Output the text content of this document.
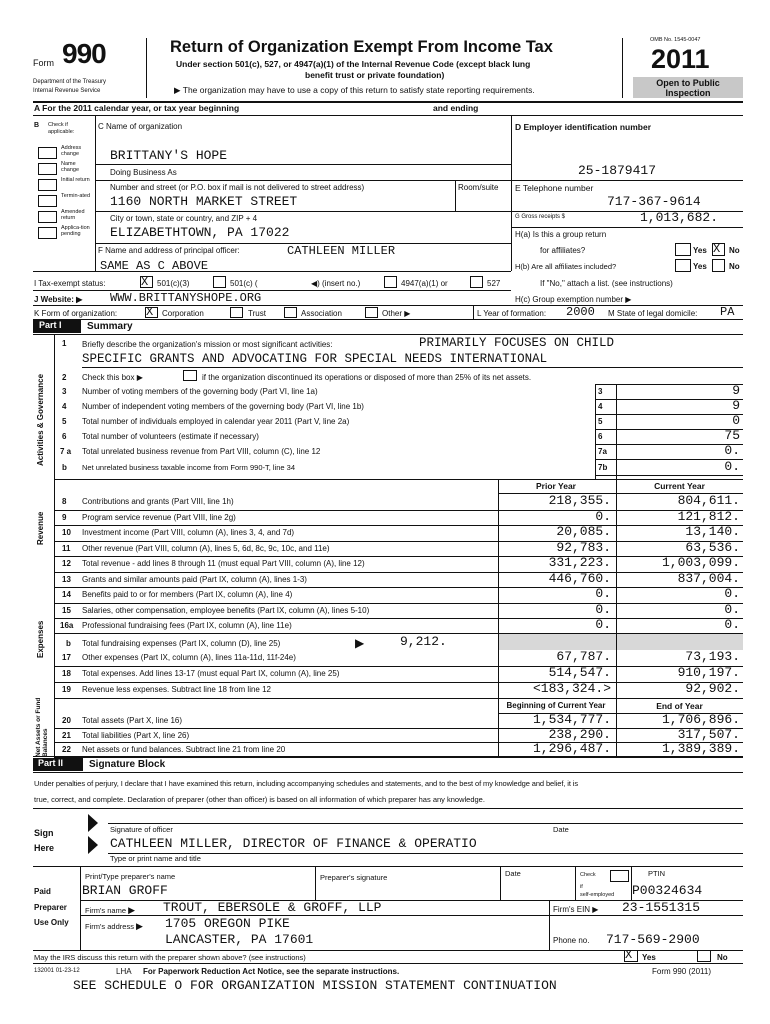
Form 990
Department of the Treasury
Internal Revenue Service
Return of Organization Exempt From Income Tax
Under section 501(c), 527, or 4947(a)(1) of the Internal Revenue Code (except black lung
benefit trust or private foundation)
▶ The organization may have to use a copy of this return to satisfy state reporting requirements.
OMB No. 1545-0047
2011
Open to Public
Inspection
A For the 2011 calendar year, or tax year beginning	and ending
B Check if
applicable:
C Name of organization
BRITTANY'S HOPE
Doing Business As
Number and street (or P.O. box if mail is not delivered to street address)	Room/suite
1160 NORTH MARKET STREET
City or town, state or country, and ZIP + 4
ELIZABETHTOWN, PA 17022
F Name and address of principal officer:	CATHLEEN MILLER
SAME AS C ABOVE
D Employer identification number
25-1879417
E Telephone number
717-367-9614
G Gross receipts $	1,013,682.
H(a) Is this a group return
for affiliates?	Yes X No
H(b) Are all affiliates included?	Yes	No
If "No," attach a list. (see instructions)
H(c) Group exemption number ▶
I Tax-exempt status:	X 501(c)(3)	501(c) (	◀) (insert no.)	4947(a)(1) or	527
J Website: ▶ WWW.BRITTANYSHOPE.ORG
K Form of organization: X Corporation	Trust	Association	Other ▶	L Year of formation: 2000 M State of legal domicile: PA
Part I	Summary
Activities & Governance
Revenue
Expenses
Net Assets or Fund Balances
1 Briefly describe the organization's mission or most significant activities:	PRIMARILY FOCUSES ON CHILD
SPECIFIC GRANTS AND ADVOCATING FOR SPECIAL NEEDS INTERNATIONAL
2 Check this box ▶	if the organization discontinued its operations or disposed of more than 25% of its net assets.
Prior Year	Current Year
b Total fundraising expenses (Part IX, column (D), line 25)	▶	9,212.
Beginning of Current Year	End of Year
Part II	Signature Block
Under penalties of perjury, I declare that I have examined this return, including accompanying schedules and statements, and to the best of my knowledge and belief, it is
true, correct, and complete. Declaration of preparer (other than officer) is based on all information of which preparer has any knowledge.
Sign
Here
Signature of officer	Date
CATHLEEN MILLER, DIRECTOR OF FINANCE & OPERATIO
Type or print name and title
Paid
Preparer
Use Only
Print/Type preparer's name	Preparer's signature	Date	Check
if
self-employed
PTIN
BRIAN GROFF	P00324634
Firm's name ▶ TROUT, EBERSOLE & GROFF, LLP	Firm's EIN ▶ 23-1551315
Firm's address ▶ 1705 OREGON PIKE
LANCASTER, PA 17601	Phone no. 717-569-2900
May the IRS discuss this return with the preparer shown above? (see instructions)	X Yes	No
132001 01-23-12	LHA For Paperwork Reduction Act Notice, see the separate instructions.	Form 990 (2011)
SEE SCHEDULE O FOR ORGANIZATION MISSION STATEMENT CONTINUATION
Address change
Name change
Initial return
Termin-ated
Amended return
Applica-tion pending
3 Number of voting members of the governing body (Part VI, line 1a)	3	9
4 Number of independent voting members of the governing body (Part VI, line 1b)	4	9
5 Total number of individuals employed in calendar year 2011 (Part V, line 2a)	5	0
6 Total number of volunteers (estimate if necessary)	6	75
7 a Total unrelated business revenue from Part VIII, column (C), line 12	7a	0.
b Net unrelated business taxable income from Form 990-T, line 34	7b	0.
8 Contributions and grants (Part VIII, line 1h)	218,355.	804,611.
9 Program service revenue (Part VIII, line 2g)	0.	121,812.
10 Investment income (Part VIII, column (A), lines 3, 4, and 7d)	20,085.	13,140.
11 Other revenue (Part VIII, column (A), lines 5, 6d, 8c, 9c, 10c, and 11e)	92,783.	63,536.
12 Total revenue - add lines 8 through 11 (must equal Part VIII, column (A), line 12)	331,223.	1,003,099.
13 Grants and similar amounts paid (Part IX, column (A), lines 1-3)	446,760.	837,004.
14 Benefits paid to or for members (Part IX, column (A), line 4)	0.	0.
15 Salaries, other compensation, employee benefits (Part IX, column (A), lines 5-10)	0.	0.
16a Professional fundraising fees (Part IX, column (A), line 11e)	0.	0.
17 Other expenses (Part IX, column (A), lines 11a-11d, 11f-24e)	67,787.	73,193.
18 Total expenses. Add lines 13-17 (must equal Part IX, column (A), line 25)	514,547.	910,197.
19 Revenue less expenses. Subtract line 18 from line 12	<183,324.>	92,902.
20 Total assets (Part X, line 16)	1,534,777.	1,706,896.
21 Total liabilities (Part X, line 26)	238,290.	317,507.
22 Net assets or fund balances. Subtract line 21 from line 20	1,296,487.	1,389,389.
